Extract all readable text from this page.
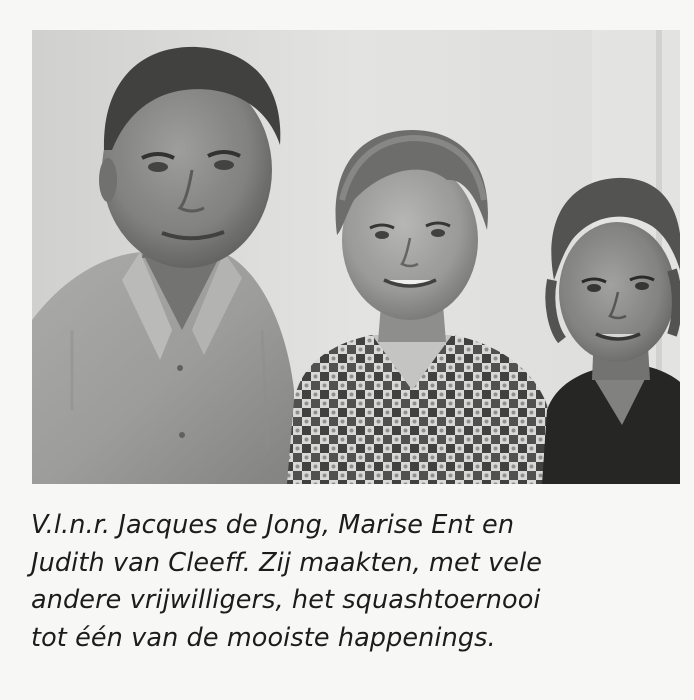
V.l.n.r. Jacques de Jong, Marise Ent en
Judith van Cleeff. Zij maakten, met vele
andere vrijwilligers, het squashtoernooi
tot één van de mooiste happenings.
